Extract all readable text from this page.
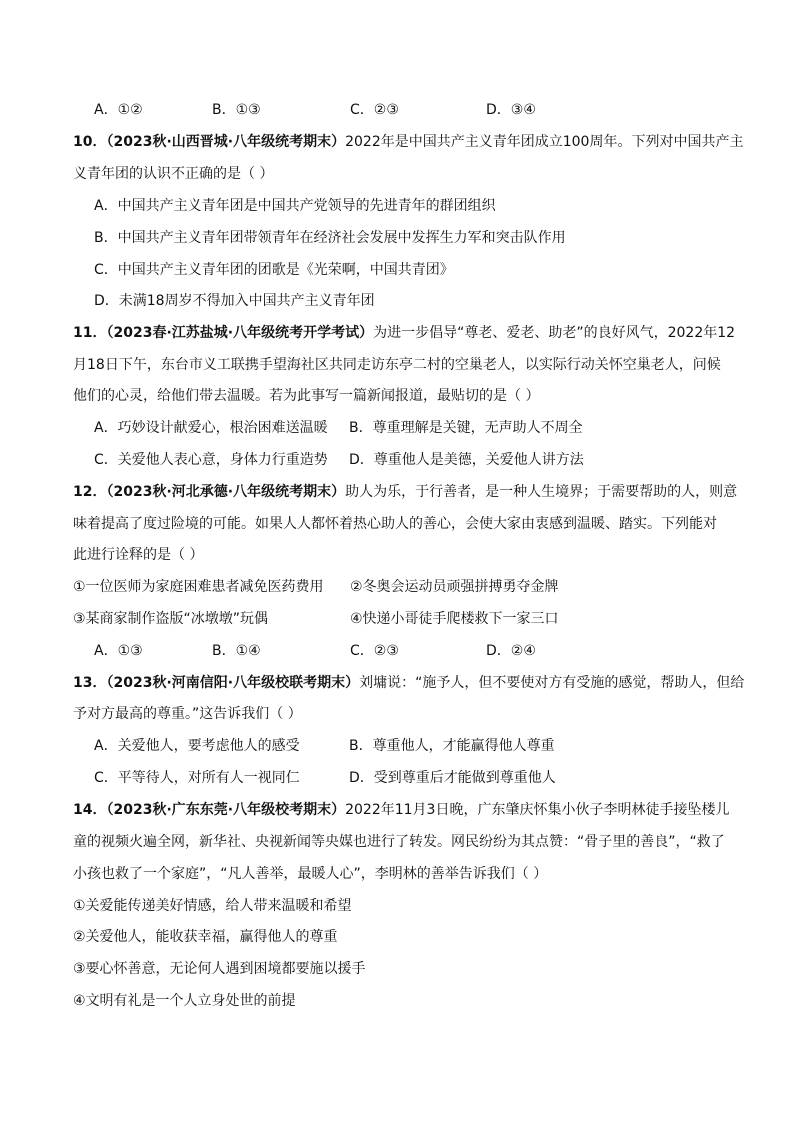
A．①②	B．①③	C．②③	D．③④
10．（2023秋·山西晋城·八年级统考期末）2022年是中国共产主义青年团成立100周年。下列对中国共产主
义青年团的认识不正确的是（ ）
A．中国共产主义青年团是中国共产党领导的先进青年的群团组织
B．中国共产主义青年团带领青年在经济社会发展中发挥生力军和突击队作用
C．中国共产主义青年团的团歌是《光荣啊，中国共青团》
D．未满18周岁不得加入中国共产主义青年团
11．（2023春·江苏盐城·八年级统考开学考试）为进一步倡导“尊老、爱老、助老”的良好风气，2022年12
月18日下午，东台市义工联携手望海社区共同走访东亭二村的空巢老人，以实际行动关怀空巢老人，问候
他们的心灵，给他们带去温暖。若为此事写一篇新闻报道，最贴切的是（ ）
A．巧妙设计献爱心，根治困难送温暖 B．尊重理解是关键，无声助人不周全
C．关爱他人表心意，身体力行重造势 D．尊重他人是美德，关爱他人讲方法
12．（2023秋·河北承德·八年级统考期末）助人为乐，于行善者，是一种人生境界；于需要帮助的人，则意
味着提高了度过险境的可能。如果人人都怀着热心助人的善心，会使大家由衷感到温暖、踏实。下列能对
此进行诠释的是（ ）
①一位医师为家庭困难患者减免医药费用 ②冬奥会运动员顽强拼搏勇夺金牌
③某商家制作盗版“冰墩墩”玩偶	④快递小哥徒手爬楼救下一家三口
A．①③	B．①④	C．②③	D．②④
13．（2023秋·河南信阳·八年级校联考期末）刘墉说：“施予人，但不要使对方有受施的感觉，帮助人，但给
予对方最高的尊重。”这告诉我们（ ）
A．关爱他人，要考虑他人的感受	B．尊重他人，才能赢得他人尊重
C．平等待人，对所有人一视同仁	D．受到尊重后才能做到尊重他人
14．（2023秋·广东东莞·八年级校考期末）2022年11月3日晚，广东肇庆怀集小伙子李明林徒手接坠楼儿
童的视频火遍全网，新华社、央视新闻等央媒也进行了转发。网民纷纷为其点赞：“骨子里的善良”，“救了
小孩也救了一个家庭”，“凡人善举，最暖人心”，李明林的善举告诉我们（ ）
①关爱能传递美好情感，给人带来温暖和希望
②关爱他人，能收获幸福，赢得他人的尊重
③要心怀善意，无论何人遇到困境都要施以援手
④文明有礼是一个人立身处世的前提
